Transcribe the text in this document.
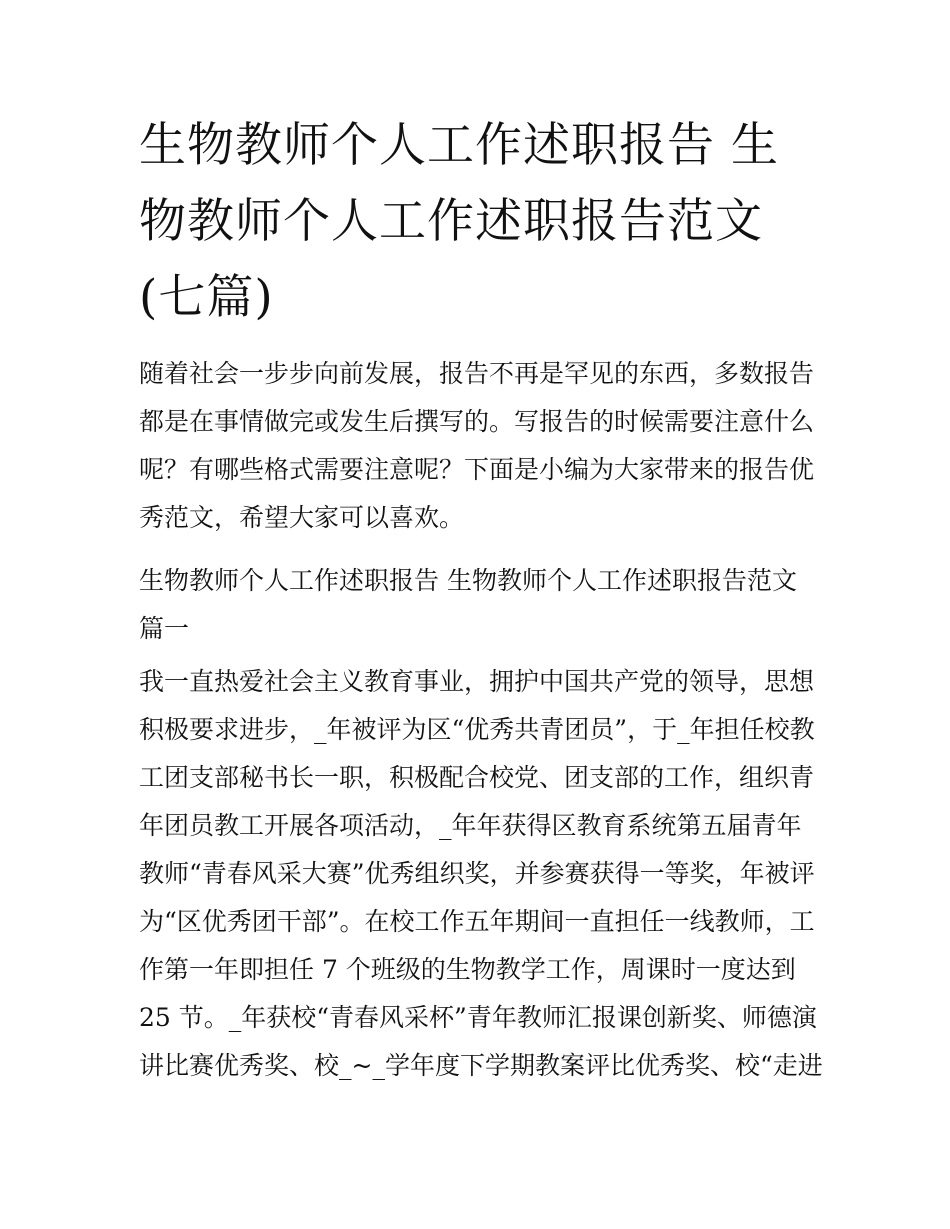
生物教师个人工作述职报告 生
物教师个人工作述职报告范文
(七篇)

随着社会一步步向前发展，报告不再是罕见的东西，多数报告
都是在事情做完或发生后撰写的。写报告的时候需要注意什么
呢？有哪些格式需要注意呢？下面是小编为大家带来的报告优
秀范文，希望大家可以喜欢。

生物教师个人工作述职报告 生物教师个人工作述职报告范文
篇一

我一直热爱社会主义教育事业，拥护中国共产党的领导，思想
积极要求进步，_年被评为区“优秀共青团员”，于_年担任校教
工团支部秘书长一职，积极配合校党、团支部的工作，组织青
年团员教工开展各项活动，_年年获得区教育系统第五届青年
教师“青春风采大赛”优秀组织奖，并参赛获得一等奖，年被评
为“区优秀团干部”。在校工作五年期间一直担任一线教师，工
作第一年即担任 7 个班级的生物教学工作，周课时一度达到
25 节。_年获校“青春风采杯”青年教师汇报课创新奖、师德演
讲比赛优秀奖、校_~_学年度下学期教案评比优秀奖、校“走进
